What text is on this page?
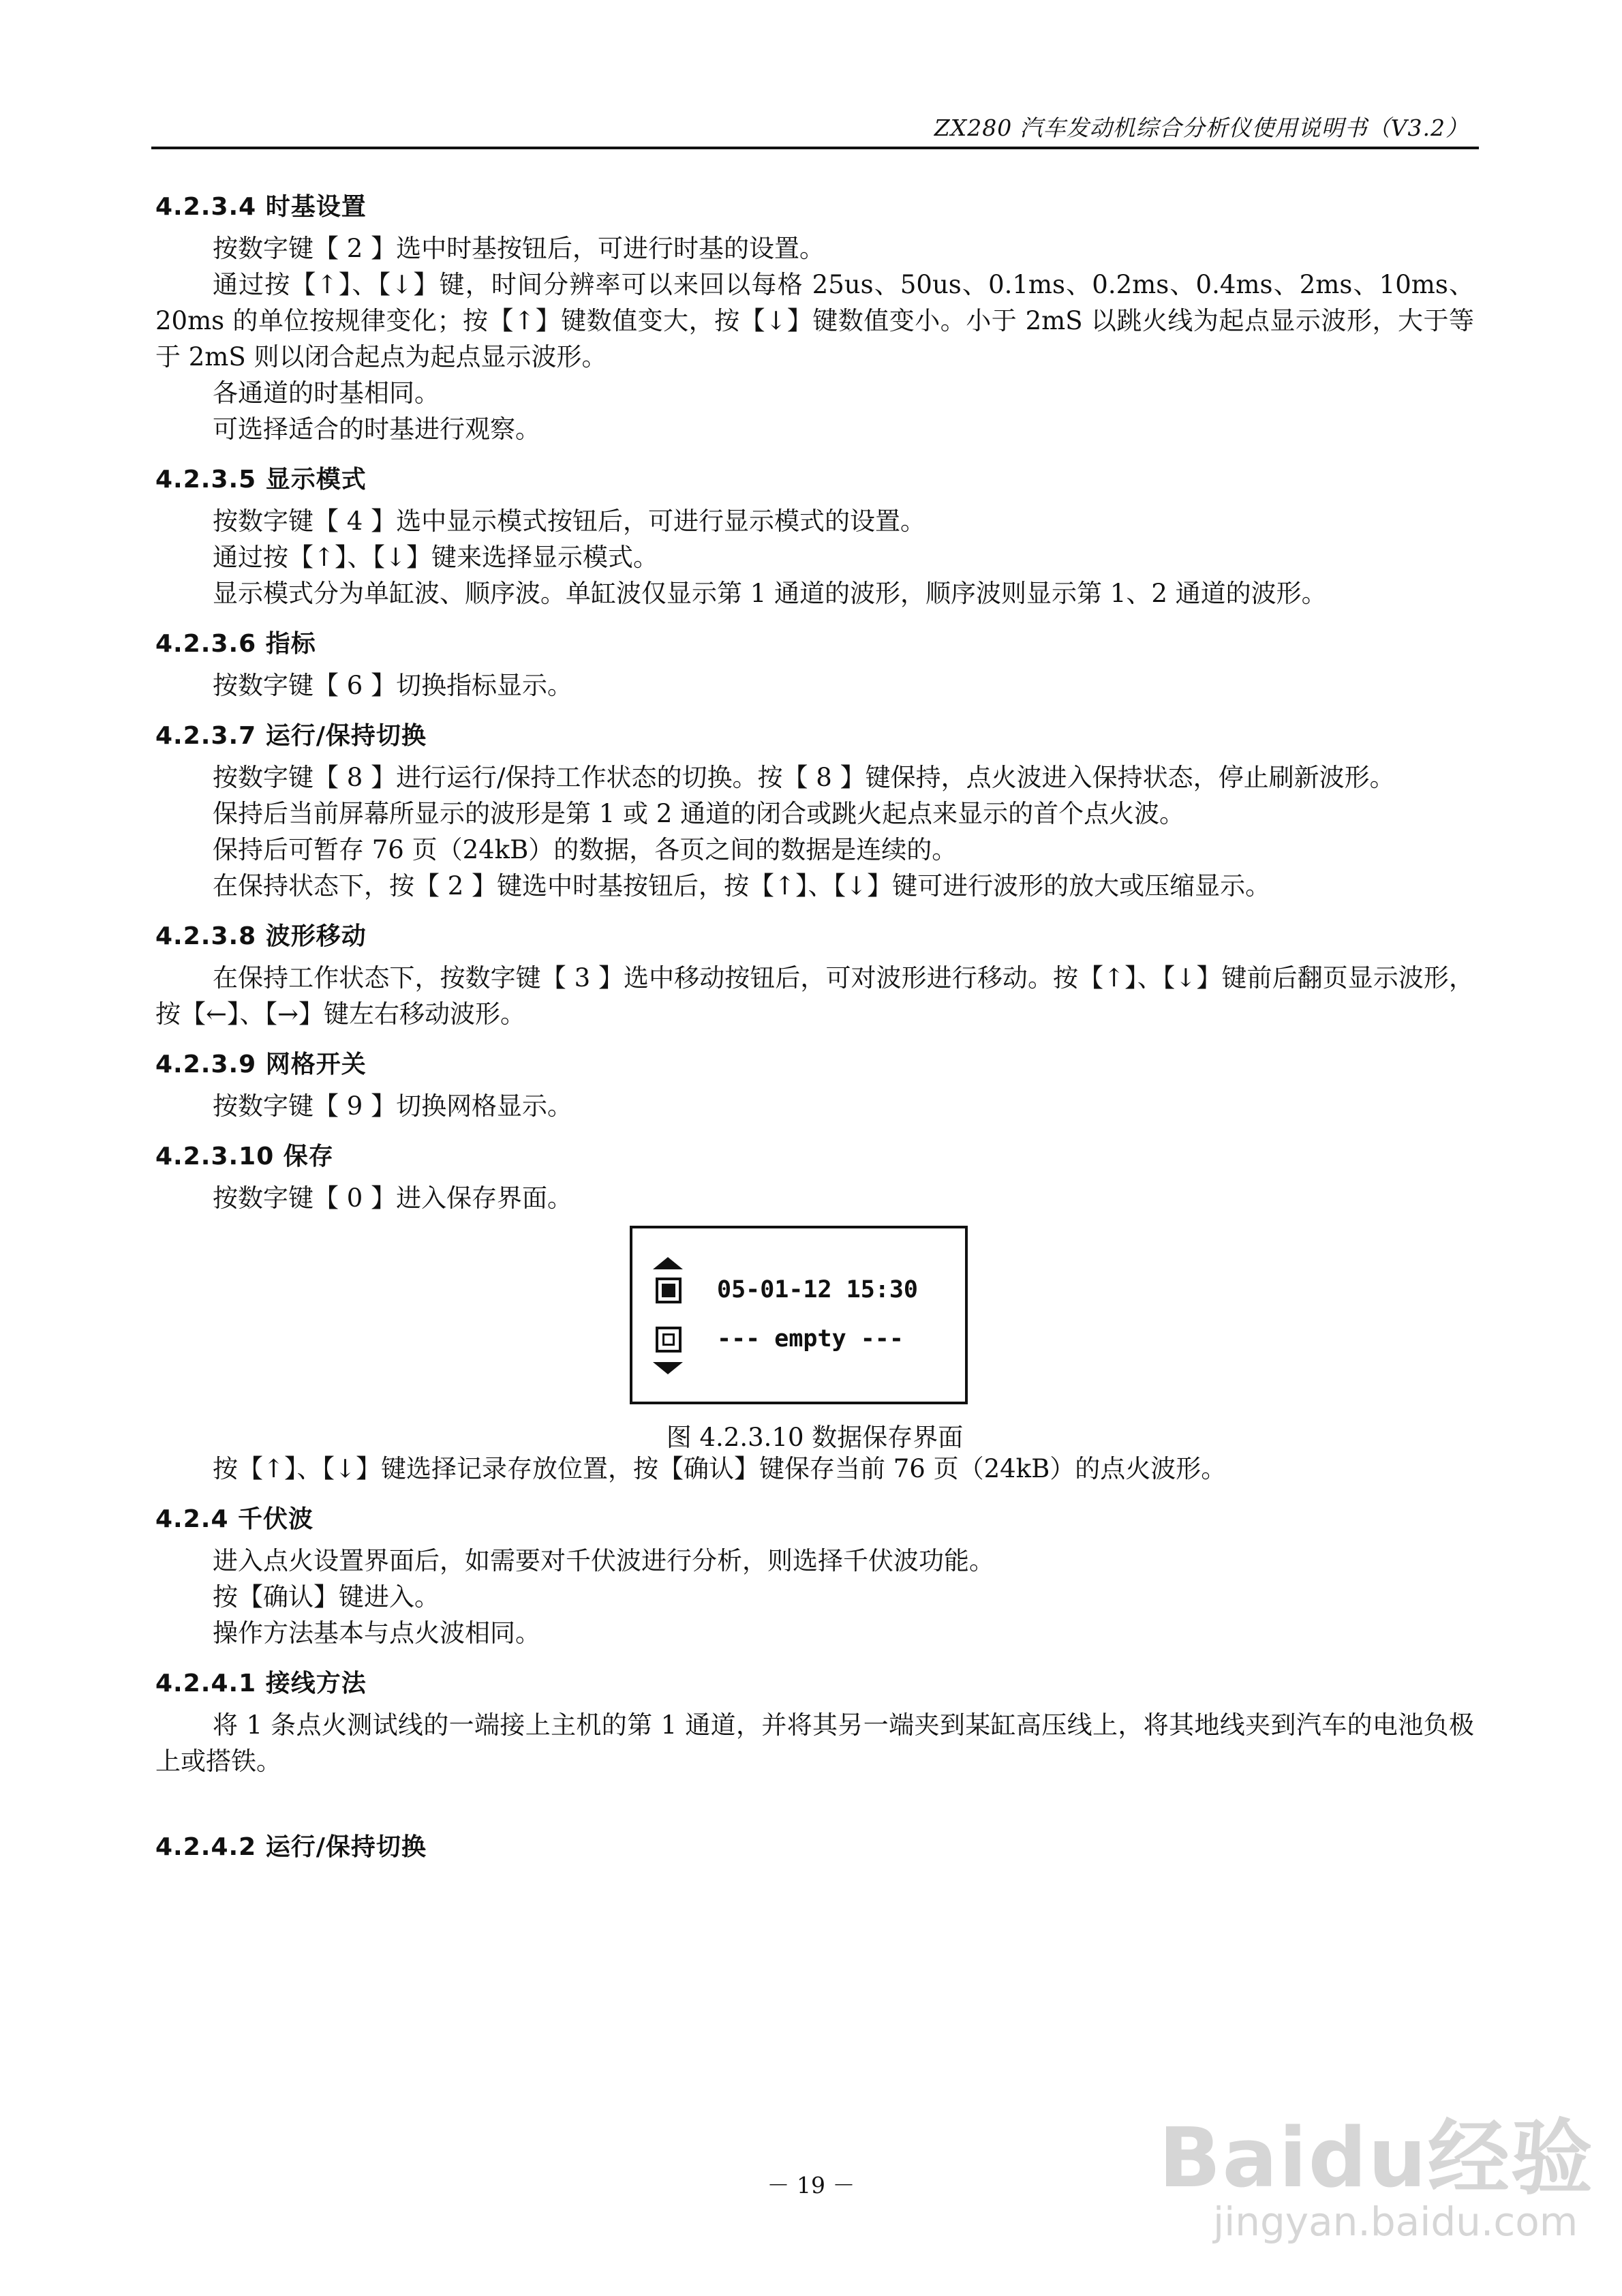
ZX280 汽车发动机综合分析仪使用说明书（V3.2）
4.2.3.4 时基设置

按数字键【 2 】选中时基按钮后，可进行时基的设置。

通过按【↑】、【↓】键，时间分辨率可以来回以每格 25us、50us、0.1ms、0.2ms、0.4ms、2ms、10ms、20ms 的单位按规律变化；按【↑】键数值变大，按【↓】键数值变小。小于 2mS 以跳火线为起点显示波形，大于等于 2mS 则以闭合起点为起点显示波形。

各通道的时基相同。

可选择适合的时基进行观察。

4.2.3.5 显示模式

按数字键【 4 】选中显示模式按钮后，可进行显示模式的设置。

通过按【↑】、【↓】键来选择显示模式。

显示模式分为单缸波、顺序波。单缸波仅显示第 1 通道的波形，顺序波则显示第 1、2 通道的波形。

4.2.3.6 指标

按数字键【 6 】切换指标显示。

4.2.3.7 运行/保持切换

按数字键【 8 】进行运行/保持工作状态的切换。按【 8 】键保持，点火波进入保持状态，停止刷新波形。

保持后当前屏幕所显示的波形是第 1 或 2 通道的闭合或跳火起点来显示的首个点火波。

保持后可暂存 76 页（24kB）的数据，各页之间的数据是连续的。

在保持状态下，按【 2 】键选中时基按钮后，按【↑】、【↓】键可进行波形的放大或压缩显示。

4.2.3.8 波形移动

在保持工作状态下，按数字键【 3 】选中移动按钮后，可对波形进行移动。按【↑】、【↓】键前后翻页显示波形，按【←】、【→】键左右移动波形。

4.2.3.9 网格开关

按数字键【 9 】切换网格显示。

4.2.3.10 保存

按数字键【 0 】进入保存界面。

05-01-12 15:30
--- empty ---
图 4.2.3.10 数据保存界面

按【↑】、【↓】键选择记录存放位置，按【确认】键保存当前 76 页（24kB）的点火波形。

4.2.4 千伏波

进入点火设置界面后，如需要对千伏波进行分析，则选择千伏波功能。

按【确认】键进入。

操作方法基本与点火波相同。

4.2.4.1 接线方法

将 1 条点火测试线的一端接上主机的第 1 通道，并将其另一端夹到某缸高压线上，将其地线夹到汽车的电池负极上或搭铁。

4.2.4.2 运行/保持切换
Baidu经验
jingyan.baidu.com
－ 19 －
